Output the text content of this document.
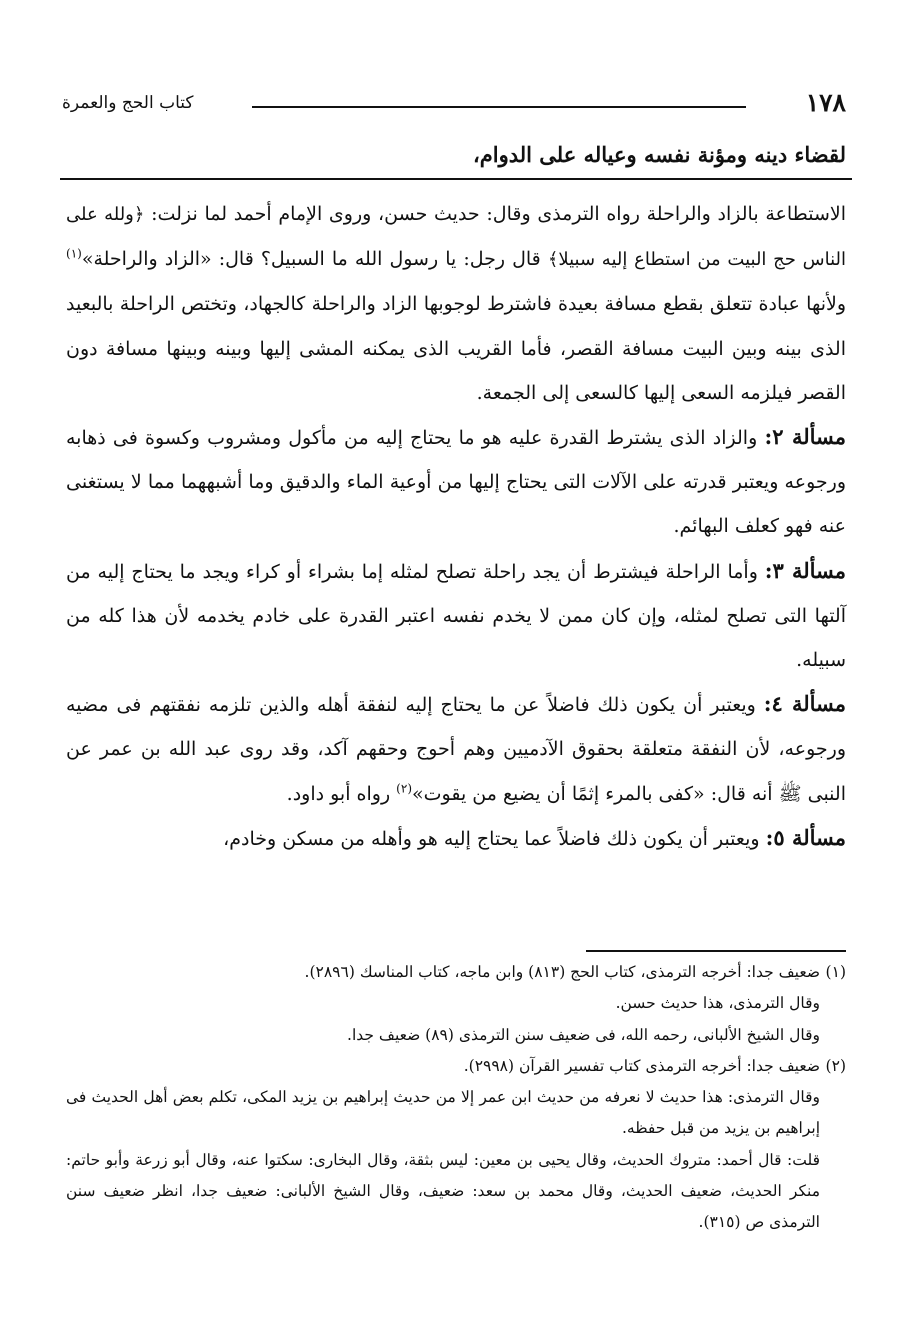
١٧٨
كتاب الحج والعمرة
لقضاء دينه ومؤنة نفسه وعياله على الدوام،

الاستطاعة بالزاد والراحلة رواه الترمذى وقال: حديث حسن، وروى الإمام أحمد لما نزلت: ﴿ولله على الناس حج البيت من استطاع إليه سبيلا﴾ قال رجل: يا رسول الله ما السبيل؟ قال: «الزاد والراحلة»$^{(١)}$ ولأنها عبادة تتعلق بقطع مسافة بعيدة فاشترط لوجوبها الزاد والراحلة كالجهاد، وتختص الراحلة بالبعيد الذى بينه وبين البيت مسافة القصر، فأما القريب الذى يمكنه المشى إليها وبينه وبينها مسافة دون القصر فيلزمه السعى إليها كالسعى إلى الجمعة.

مسألة ٢: والزاد الذى يشترط القدرة عليه هو ما يحتاج إليه من مأكول ومشروب وكسوة فى ذهابه ورجوعه ويعتبر قدرته على الآلات التى يحتاج إليها من أوعية الماء والدقيق وما أشبههما مما لا يستغنى عنه فهو كعلف البهائم.

مسألة ٣: وأما الراحلة فيشترط أن يجد راحلة تصلح لمثله إما بشراء أو كراء ويجد ما يحتاج إليه من آلتها التى تصلح لمثله، وإن كان ممن لا يخدم نفسه اعتبر القدرة على خادم يخدمه لأن هذا كله من سبيله.

مسألة ٤: ويعتبر أن يكون ذلك فاضلاً عن ما يحتاج إليه لنفقة أهله والذين تلزمه نفقتهم فى مضيه ورجوعه، لأن النفقة متعلقة بحقوق الآدميين وهم أحوج وحقهم آكد، وقد روى عبد الله بن عمر عن النبى ﷺ أنه قال: «كفى بالمرء إثمًا أن يضيع من يقوت»$^{(٢)}$ رواه أبو داود.

مسألة ٥: ويعتبر أن يكون ذلك فاضلاً عما يحتاج إليه هو وأهله من مسكن وخادم،

(١)ضعيف جدا: أخرجه الترمذى، كتاب الحج (٨١٣) وابن ماجه، كتاب المناسك (٢٨٩٦).

وقال الترمذى، هذا حديث حسن.

وقال الشيخ الألبانى، رحمه الله، فى ضعيف سنن الترمذى (٨٩) ضعيف جدا.

(٢)ضعيف جدا: أخرجه الترمذى كتاب تفسير القرآن (٢٩٩٨).

وقال الترمذى: هذا حديث لا نعرفه من حديث ابن عمر إلا من حديث إبراهيم بن يزيد المكى، تكلم بعض أهل الحديث فى إبراهيم بن يزيد من قبل حفظه.

قلت: قال أحمد: متروك الحديث، وقال يحيى بن معين: ليس بثقة، وقال البخارى: سكتوا عنه، وقال أبو زرعة وأبو حاتم: منكر الحديث، ضعيف الحديث، وقال محمد بن سعد: ضعيف، وقال الشيخ الألبانى: ضعيف جدا، انظر ضعيف سنن الترمذى ص (٣١٥).
